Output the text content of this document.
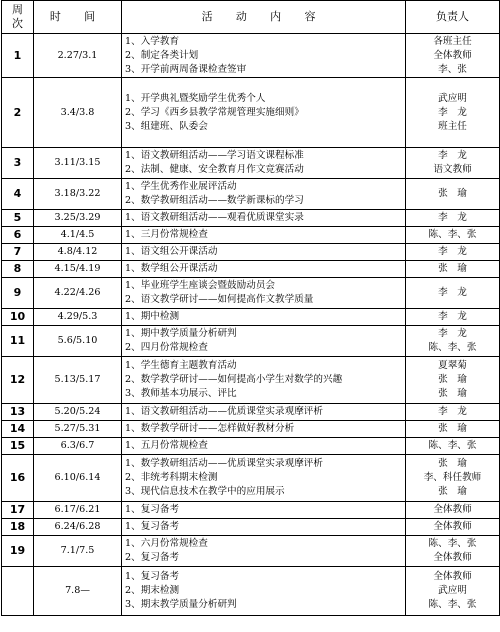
周
次	时 间	活 动 内 容	负责人
1	2.27/3.1	1、入学教育
2、制定各类计划
3、开学前两周备课检查签审	各班主任
全体教师
李、张

2	3.4/3.8	1、开学典礼暨奖励学生优秀个人
2、学习《西乡县教学常规管理实施细则》
3、组建班、队委会	武应明
李　龙
班主任

3	3.11/3.15	1、语文教研组活动——学习语文课程标准
2、法制、健康、安全教育月作文竞赛活动	李　龙
语文教师

4	3.18/3.22	1、学生优秀作业展评活动
2、数学教研组活动——数学新课标的学习	张　瑜

5	3.25/3.29	1、语文教研组活动——观看优质课堂实录	李　龙

6	4.1/4.5	1、三月份常规检查	陈、李、张

7	4.8/4.12	1、语文组公开课活动	李　龙

8	4.15/4.19	1、数学组公开课活动	张　瑜

9	4.22/4.26	1、毕业班学生座谈会暨鼓励动员会
2、语文教学研讨——如何提高作文教学质量	李　龙

10	4.29/5.3	1、期中检测	李　龙

11	5.6/5.10	1、期中教学质量分析研判
2、四月份常规检查	李　龙
陈、李、张

12	5.13/5.17	1、学生德育主题教育活动
2、数学教学研讨——如何提高小学生对数学的兴趣
3、教师基本功展示、评比	夏翠菊
张　瑜
张　瑜

13	5.20/5.24	1、语文教研组活动——优质课堂实录观摩评析	李　龙

14	5.27/5.31	1、数学教学研讨——怎样做好教材分析	张　瑜

15	6.3/6.7	1、五月份常规检查	陈、李、张

16	6.10/6.14	1、数学教研组活动——优质课堂实录观摩评析
2、非统考科期末检测
3、现代信息技术在教学中的应用展示	张　瑜
李、科任教师
张　瑜

17	6.17/6.21	1、复习备考	全体教师

18	6.24/6.28	1、复习备考	全体教师

19	7.1/7.5	1、六月份常规检查
2、复习备考	陈、李、张
全体教师

	7.8—	1、复习备考
2、期末检测
3、期末教学质量分析研判	全体教师
武应明
陈、李、张
